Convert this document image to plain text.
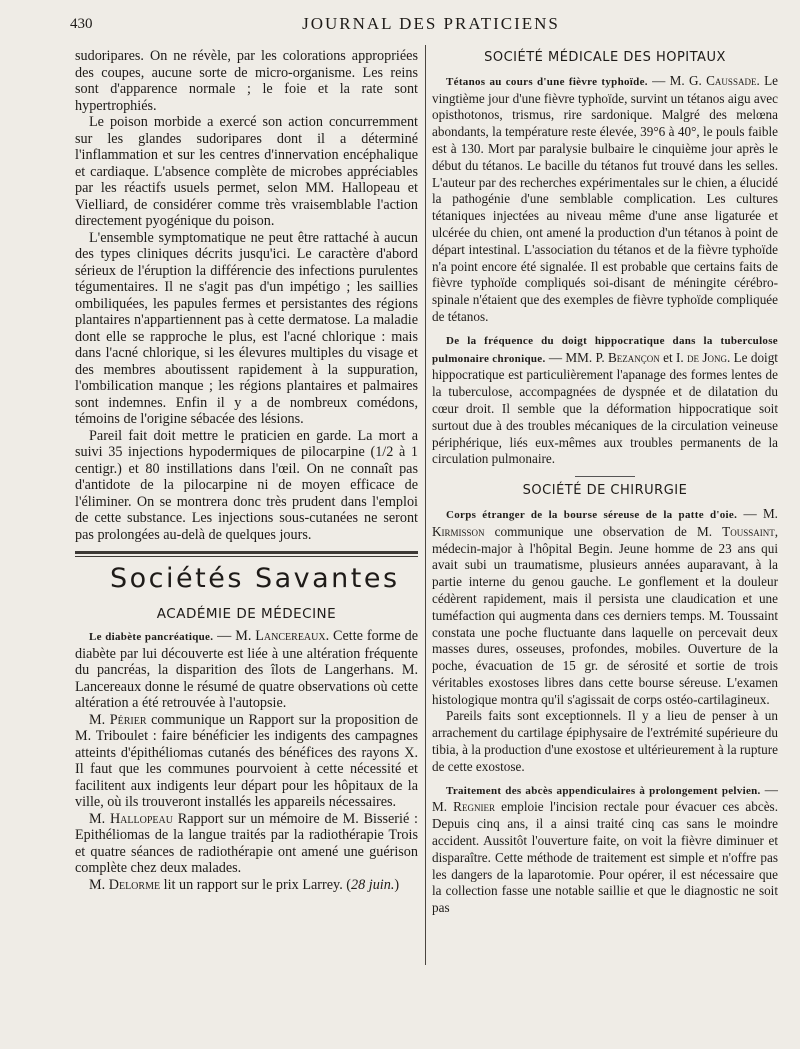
430	JOURNAL DES PRATICIENS

sudoripares. On ne révèle, par les colorations appropriées des coupes, aucune sorte de micro-organisme. Les reins sont d'apparence normale ; le foie et la rate sont hypertrophiés.

Le poison morbide a exercé son action concurremment sur les glandes sudoripares dont il a déterminé l'inflammation et sur les centres d'innervation encéphalique et cardiaque. L'absence complète de microbes appréciables par les réactifs usuels permet, selon MM. Hallopeau et Vielliard, de considérer comme très vraisemblable l'action directement pyogénique du poison.

L'ensemble symptomatique ne peut être rattaché à aucun des types cliniques décrits jusqu'ici. Le caractère d'abord sérieux de l'éruption la différencie des infections purulentes tégumentaires. Il ne s'agit pas d'un impétigo ; les saillies ombiliquées, les papules fermes et persistantes des régions plantaires n'appartiennent pas à cette dermatose. La maladie dont elle se rapproche le plus, est l'acné chlorique : mais dans l'acné chlorique, si les élevures multiples du visage et des membres aboutissent rapidement à la suppuration, l'ombilication manque ; les régions plantaires et palmaires sont indemnes. Enfin il y a de nombreux comédons, témoins de l'origine sébacée des lésions.

Pareil fait doit mettre le praticien en garde. La mort a suivi 35 injections hypodermiques de pilocarpine (1/2 à 1 centigr.) et 80 instillations dans l'œil. On ne connaît pas d'antidote de la pilocarpine ni de moyen efficace de l'éliminer. On se montrera donc très prudent dans l'emploi de cette substance. Les injections sous-cutanées ne seront pas prolongées au-delà de quelques jours.

Sociétés Savantes
ACADÉMIE DE MÉDECINE

Le diabète pancréatique. — M. Lancereaux. Cette forme de diabète par lui découverte est liée à une altération fréquente du pancréas, la disparition des îlots de Langerhans. M. Lancereaux donne le résumé de quatre observations où cette altération a été retrouvée à l'autopsie.

M. Périer communique un Rapport sur la proposition de M. Triboulet : faire bénéficier les indigents des campagnes atteints d'épithéliomas cutanés des bénéfices des rayons X. Il faut que les communes pourvoient à cette nécessité et facilitent aux indigents leur départ pour les hôpitaux de la ville, où ils trouveront installés les appareils nécessaires.

M. Hallopeau Rapport sur un mémoire de M. Bisserié : Epithéliomas de la langue traités par la radiothérapie Trois et quatre séances de radiothérapie ont amené une guérison complète chez deux malades.

M. Delorme lit un rapport sur le prix Larrey. (28 juin.)

SOCIÉTÉ MÉDICALE DES HOPITAUX

Tétanos au cours d'une fièvre typhoïde. — M. G. Caussade. Le vingtième jour d'une fièvre typhoïde, survint un tétanos aigu avec opisthotonos, trismus, rire sardonique. Malgré des melœna abondants, la température reste élevée, 39°6 à 40°, le pouls faible est à 130. Mort par paralysie bulbaire le cinquième jour après le début du tétanos. Le bacille du tétanos fut trouvé dans les selles. L'auteur par des recherches expérimentales sur le chien, a élucidé la pathogénie d'une semblable complication. Les cultures tétaniques injectées au niveau même d'une anse ligaturée et ulcérée du chien, ont amené la production d'un tétanos à point de départ intestinal. L'association du tétanos et de la fièvre typhoïde n'a point encore été signalée. Il est probable que certains faits de fièvre typhoïde compliqués soi-disant de méningite cérébro-spinale n'étaient que des exemples de fièvre typhoïde compliquée de tétanos.

De la fréquence du doigt hippocratique dans la tuberculose pulmonaire chronique. — MM. P. Bezançon et I. de Jong. Le doigt hippocratique est particulièrement l'apanage des formes lentes de la tuberculose, accompagnées de dyspnée et de dilatation du cœur droit. Il semble que la déformation hippocratique soit surtout due à des troubles mécaniques de la circulation veineuse périphérique, liés eux-mêmes aux troubles permanents de la circulation pulmonaire.

SOCIÉTÉ DE CHIRURGIE

Corps étranger de la bourse séreuse de la patte d'oie. — M. Kirmisson communique une observation de M. Toussaint, médecin-major à l'hôpital Begin. Jeune homme de 23 ans qui avait subi un traumatisme, plusieurs années auparavant, à la partie interne du genou gauche. Le gonflement et la douleur cédèrent rapidement, mais il persista une claudication et une tuméfaction qui augmenta dans ces derniers temps. M. Toussaint constata une poche fluctuante dans laquelle on percevait deux masses dures, osseuses, profondes, mobiles. Ouverture de la poche, évacuation de 15 gr. de sérosité et sortie de trois véritables exostoses libres dans cette bourse séreuse. L'examen histologique montra qu'il s'agissait de corps ostéo-cartilagineux.

Pareils faits sont exceptionnels. Il y a lieu de penser à un arrachement du cartilage épiphysaire de l'extrémité supérieure du tibia, à la production d'une exostose et ultérieurement à la rupture de cette exostose.

Traitement des abcès appendiculaires à prolongement pelvien. — M. Regnier emploie l'incision rectale pour évacuer ces abcès. Depuis cinq ans, il a ainsi traité cinq cas sans le moindre accident. Aussitôt l'ouverture faite, on voit la fièvre diminuer et disparaître. Cette méthode de traitement est simple et n'offre pas les dangers de la laparotomie. Pour opérer, il est nécessaire que la collection fasse une notable saillie et que le diagnostic ne soit pas
